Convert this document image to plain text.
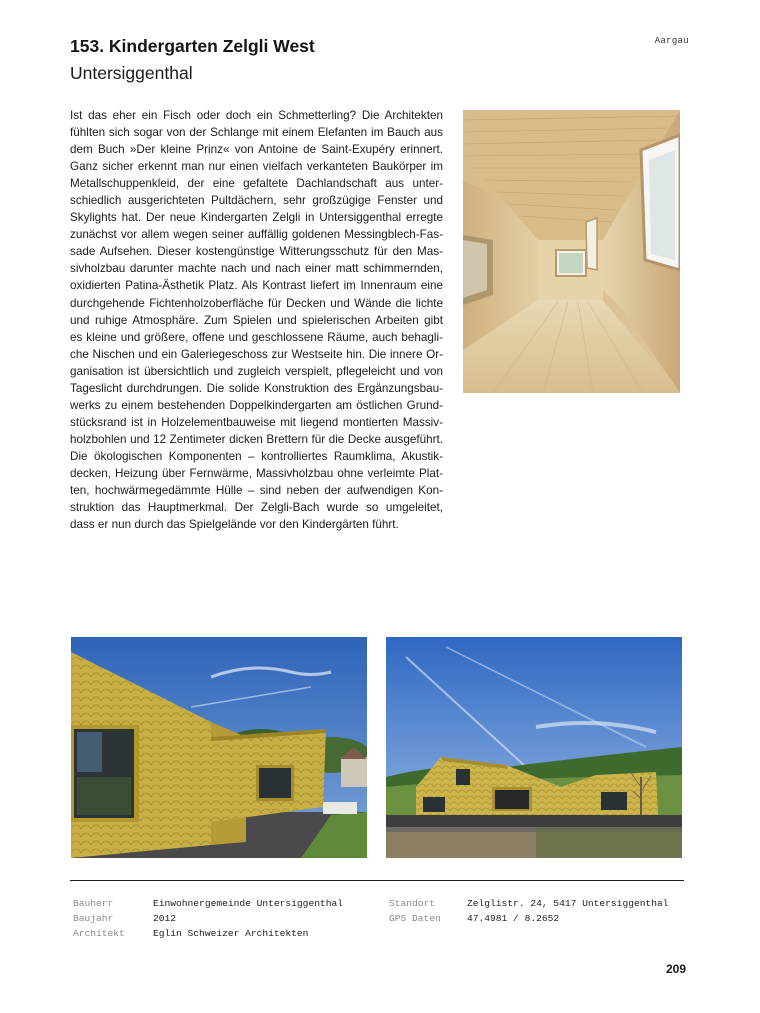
Aargau
153. Kindergarten Zelgli West
Untersiggenthal
Ist das eher ein Fisch oder doch ein Schmetterling? Die Architekten
fühlten sich sogar von der Schlange mit einem Elefanten im Bauch aus
dem Buch »Der kleine Prinz« von Antoine de Saint-Exupéry erinnert.
Ganz sicher erkennt man nur einen vielfach verkanteten Baukörper im
Metallschuppenkleid, der eine gefaltete Dachlandschaft aus unter-
schiedlich ausgerichteten Pultdächern, sehr großzügige Fenster und
Skylights hat. Der neue Kindergarten Zelgli in Untersiggenthal erregte
zunächst vor allem wegen seiner auffällig goldenen Messingblech-Fas-
sade Aufsehen. Dieser kostengünstige Witterungsschutz für den Mas-
sivholzbau darunter machte nach und nach einer matt schimmernden,
oxidierten Patina-Ästhetik Platz. Als Kontrast liefert im Innenraum eine
durchgehende Fichtenholzoberfläche für Decken und Wände die lichte
und ruhige Atmosphäre. Zum Spielen und spielerischen Arbeiten gibt
es kleine und größere, offene und geschlossene Räume, auch behagli-
che Nischen und ein Galeriegeschoss zur Westseite hin. Die innere Or-
ganisation ist übersichtlich und zugleich verspielt, pflegeleicht und von
Tageslicht durchdrungen. Die solide Konstruktion des Ergänzungsbau-
werks zu einem bestehenden Doppelkindergarten am östlichen Grund-
stücksrand ist in Holzelementbauweise mit liegend montierten Massiv-
holzbohlen und 12 Zentimeter dicken Brettern für die Decke ausgeführt.
Die ökologischen Komponenten – kontrolliertes Raumklima, Akustik-
decken, Heizung über Fernwärme, Massivholzbau ohne verleimte Plat-
ten, hochwärmegedämmte Hülle – sind neben der aufwendigen Kon-
struktion das Hauptmerkmal. Der Zelgli-Bach wurde so umgeleitet,
dass er nun durch das Spielgelände vor den Kindergärten führt.
Bauherr
Baujahr
Architekt
Einwohnergemeinde Untersiggenthal
2012
Eglin Schweizer Architekten
Standort
GPS Daten
Zelglistr. 24, 5417 Untersiggenthal
47.4981 / 8.2652
209
